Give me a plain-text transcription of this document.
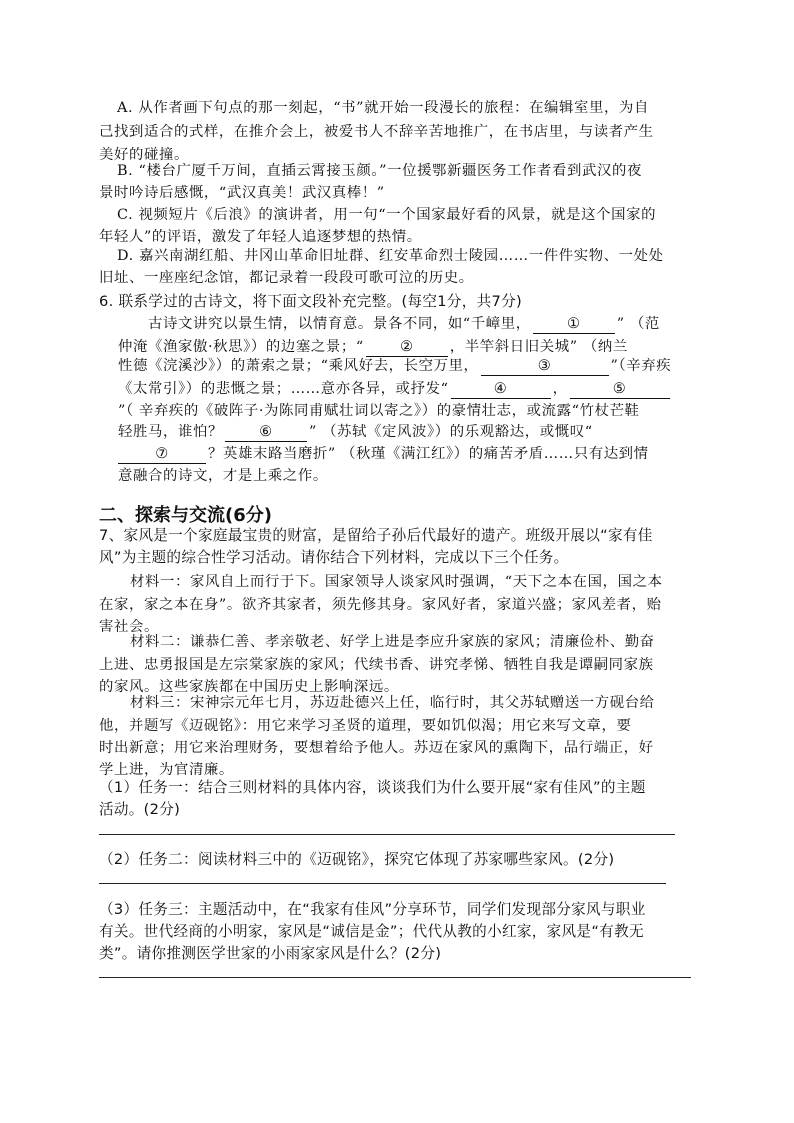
A. 从作者画下句点的那一刻起，“书”就开始一段漫长的旅程：在编辑室里，为自
己找到适合的式样，在推介会上，被爱书人不辞辛苦地推广，在书店里，与读者产生
美好的碰撞。
B. “楼台广厦千万间，直插云霄接玉颜。”一位援鄂新疆医务工作者看到武汉的夜
景时吟诗后感慨，“武汉真美！武汉真棒！”
C. 视频短片《后浪》的演讲者，用一句“一个国家最好看的风景，就是这个国家的
年轻人”的评语，激发了年轻人追逐梦想的热情。
D. 嘉兴南湖红船、井冈山革命旧址群、红安革命烈士陵园……一件件实物、一处处
旧址、一座座纪念馆，都记录着一段段可歌可泣的历史。
6. 联系学过的古诗文，将下面文段补充完整。(每空1分，共7分)
古诗文讲究以景生情，以情育意。景各不同，如“千嶂里，	①	” （范
仲淹《渔家傲·秋思》）的边塞之景；“	②	，半竿斜日旧关城” （纳兰
性德《浣溪沙》）的萧索之景；“乘风好去，长空万里，	③	”（辛弃疾
《太常引》）的悲慨之景；……意亦各异，或抒发“	④	，	⑤
”（ 辛弃疾的《破阵子·为陈同甫赋壮词以寄之》）的豪情壮志，或流露“竹杖芒鞋
轻胜马，谁怕？	⑥	” （苏轼《定风波》）的乐观豁达，或慨叹“
⑦	？英雄末路当磨折” （秋瑾《满江红》）的痛苦矛盾……只有达到情
意融合的诗文，才是上乘之作。
二、探索与交流(6分)
7、家风是一个家庭最宝贵的财富，是留给子孙后代最好的遗产。班级开展以“家有佳
风”为主题的综合性学习活动。请你结合下列材料，完成以下三个任务。
材料一：家风自上而行于下。国家领导人谈家风时强调，“天下之本在国，国之本
在家，家之本在身”。欲齐其家者，须先修其身。家风好者，家道兴盛；家风差者，贻
害社会。
材料二：谦恭仁善、孝亲敬老、好学上进是李应升家族的家风；清廉俭朴、勤奋
上进、忠勇报国是左宗棠家族的家风；代续书香、讲究孝悌、牺牲自我是谭嗣同家族
的家风。这些家族都在中国历史上影响深远。
材料三：宋神宗元年七月，苏迈赴德兴上任，临行时，其父苏轼赠送一方砚台给
他，并题写《迈砚铭》：用它来学习圣贤的道理，要如饥似渴；用它来写文章，要
时出新意；用它来治理财务，要想着给予他人。苏迈在家风的熏陶下，品行端正，好
学上进，为官清廉。
（1）任务一：结合三则材料的具体内容，谈谈我们为什么要开展“家有佳风”的主题
活动。(2分)
（2）任务二：阅读材料三中的《迈砚铭》，探究它体现了苏家哪些家风。(2分)
（3）任务三：主题活动中，在“我家有佳风”分享环节，同学们发现部分家风与职业
有关。世代经商的小明家，家风是“诚信是金”；代代从教的小红家，家风是“有教无
类”。请你推测医学世家的小雨家家风是什么？(2分)
